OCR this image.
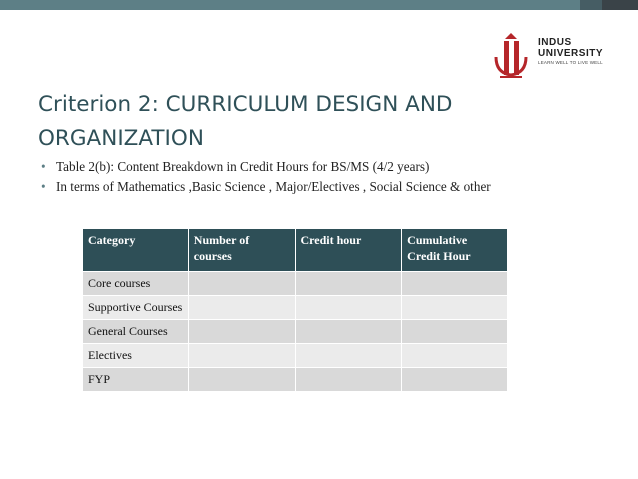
INDUS
UNIVERSITY
LEARN WELL TO LIVE WELL
Criterion 2: CURRICULUM DESIGN AND ORGANIZATION
• Table 2(b): Content Breakdown in Credit Hours for BS/MS (4/2 years)
• In terms of Mathematics ,Basic Science , Major/Electives , Social Science & other
Category	Number of courses	Credit hour	Cumulative Credit Hour
Core courses			
Supportive Courses			
General Courses			
Electives			
FYP			
